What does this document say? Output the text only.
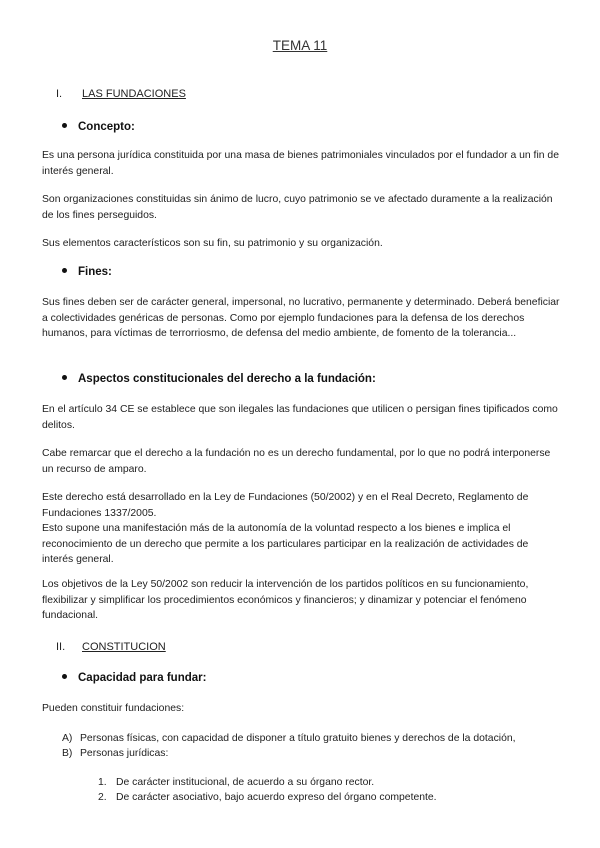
TEMA 11
I. LAS FUNDACIONES
Concepto:

Es una persona jurídica constituida por una masa de bienes patrimoniales vinculados por el fundador a un fin de interés general.

Son organizaciones constituidas sin ánimo de lucro, cuyo patrimonio se ve afectado duramente a la realización de los fines perseguidos.

Sus elementos característicos son su fin, su patrimonio y su organización.

Fines:

Sus fines deben ser de carácter general, impersonal, no lucrativo, permanente y determinado. Deberá beneficiar a colectividades genéricas de personas. Como por ejemplo fundaciones para la defensa de los derechos humanos, para víctimas de terrorriosmo, de defensa del medio ambiente, de fomento de la tolerancia...

Aspectos constitucionales del derecho a la fundación:

En el artículo 34 CE se establece que son ilegales las fundaciones que utilicen o persigan fines tipificados como delitos.

Cabe remarcar que el derecho a la fundación no es un derecho fundamental, por lo que no podrá interponerse un recurso de amparo.

Este derecho está desarrollado en la Ley de Fundaciones (50/2002) y en el Real Decreto, Reglamento de Fundaciones 1337/2005.

Esto supone una manifestación más de la autonomía de la voluntad respecto a los bienes e implica el reconocimiento de un derecho que permite a los particulares participar en la realización de actividades de interés general.

Los objetivos de la Ley 50/2002 son reducir la intervención de los partidos políticos en su funcionamiento, flexibilizar y simplificar los procedimientos económicos y financieros; y dinamizar y potenciar el fenómeno fundacional.

II. CONSTITUCION
Capacidad para fundar:

Pueden constituir fundaciones:

A) Personas físicas, con capacidad de disponer a título gratuito bienes y derechos de la dotación,
B) Personas jurídicas:
1. De carácter institucional, de acuerdo a su órgano rector.
2. De carácter asociativo, bajo acuerdo expreso del órgano competente.
